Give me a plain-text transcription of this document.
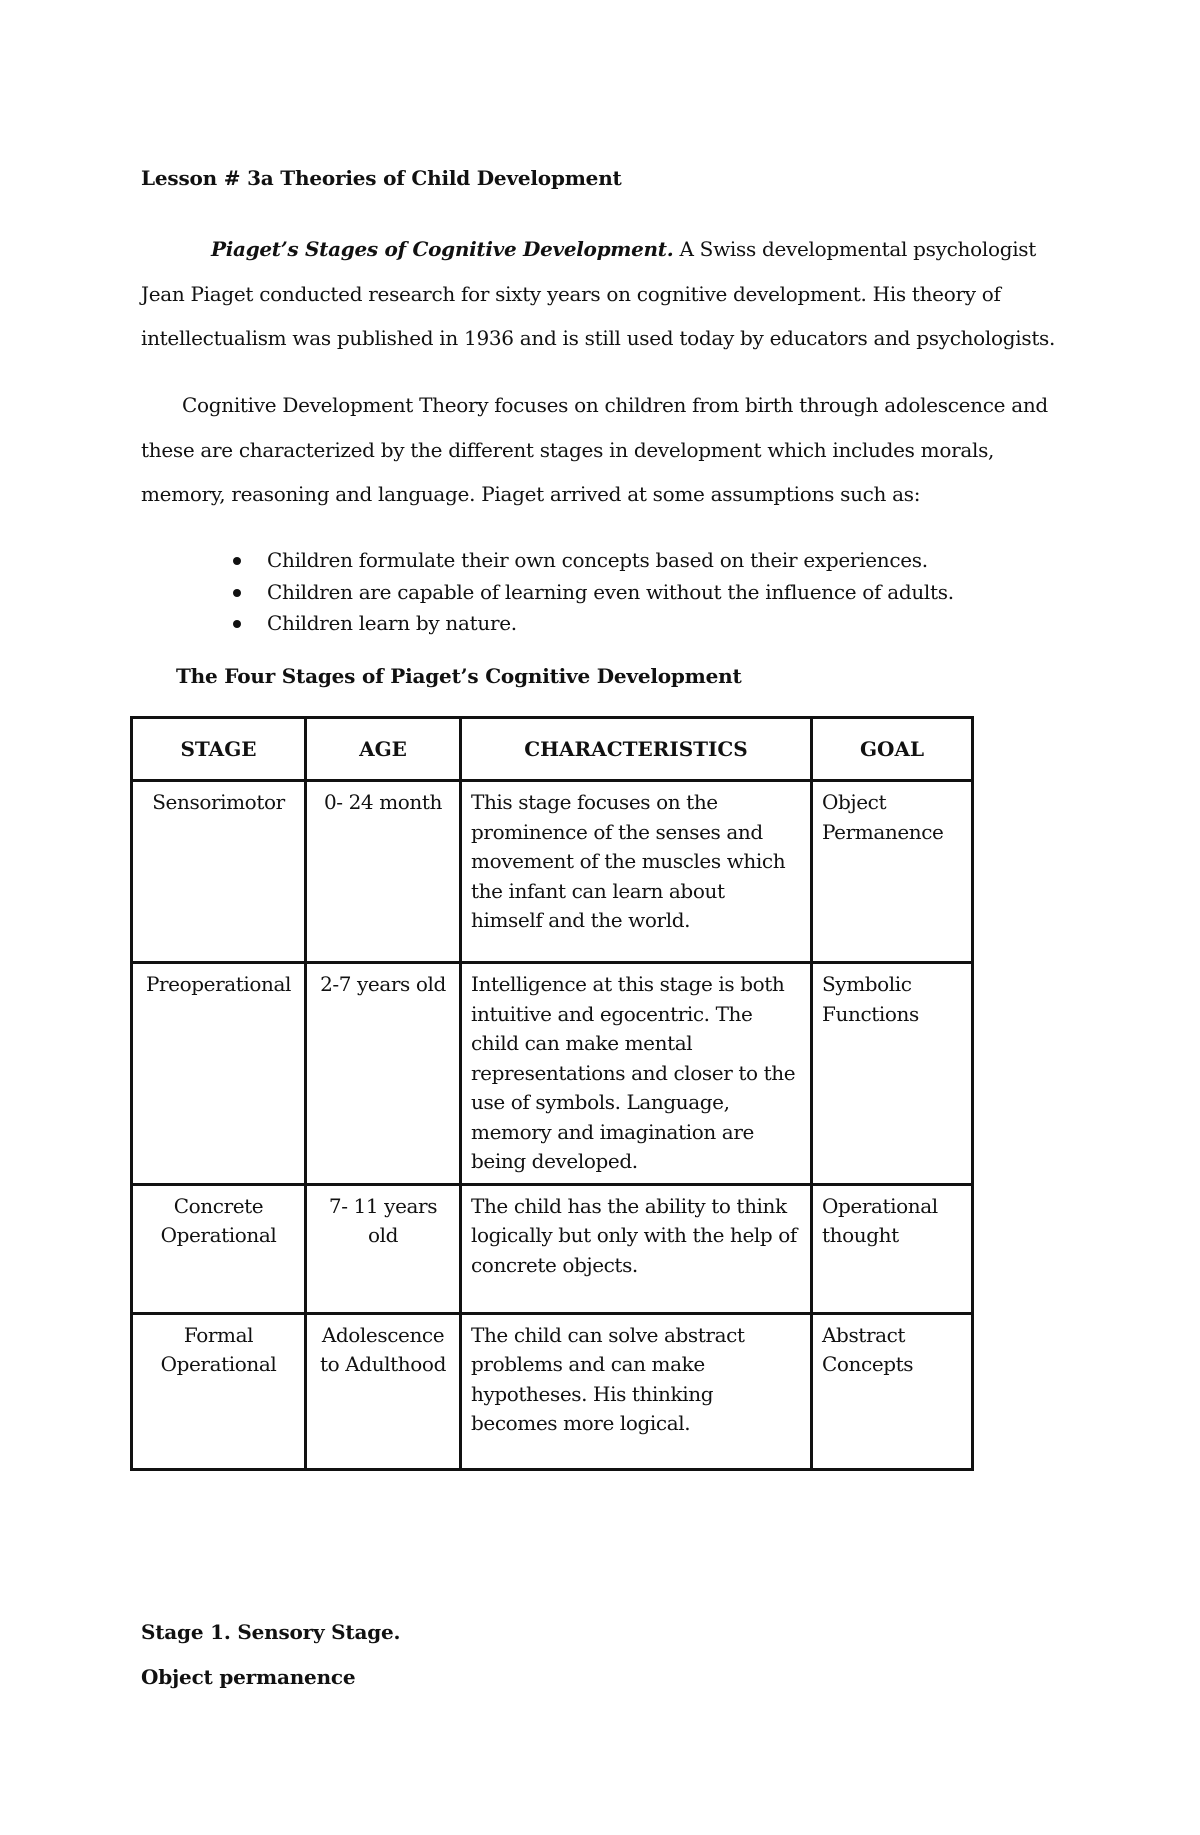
Lesson # 3a Theories of Child Development
Piaget’s Stages of Cognitive Development. A Swiss developmental psychologist Jean Piaget conducted research for sixty years on cognitive development. His theory of intellectualism was published in 1936 and is still used today by educators and psychologists.
Cognitive Development Theory focuses on children from birth through adolescence and these are characterized by the different stages in development which includes morals, memory, reasoning and language. Piaget arrived at some assumptions such as:
Children formulate their own concepts based on their experiences.
Children are capable of learning even without the influence of adults.
Children learn by nature.
The Four Stages of Piaget’s Cognitive Development
STAGE	AGE	CHARACTERISTICS	GOAL
Sensorimotor	0- 24 month	This stage focuses on the prominence of the senses and movement of the muscles which the infant can learn about himself and the world.	Object Permanence
Preoperational	2-7 years old	Intelligence at this stage is both intuitive and egocentric. The child can make mental representations and closer to the use of symbols. Language, memory and imagination are being developed.	Symbolic Functions
Concrete Operational	7- 11 years old	The child has the ability to think logically but only with the help of concrete objects.	Operational thought
Formal Operational	Adolescence to Adulthood	The child can solve abstract problems and can make hypotheses. His thinking becomes more logical.	Abstract Concepts
Stage 1. Sensory Stage.
Object permanence
